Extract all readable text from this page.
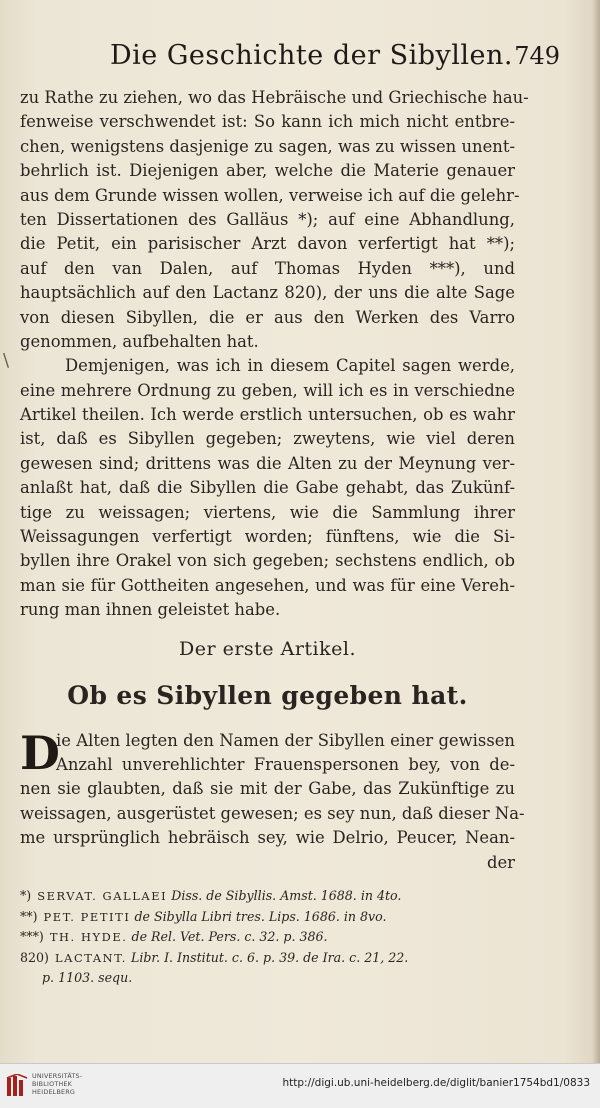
Die Geschichte der Sibyllen. 749
\
zu Rathe zu ziehen, wo das Hebräische und Griechische hau-
fenweise verschwendet ist: So kann ich mich nicht entbre-
chen, wenigstens dasjenige zu sagen, was zu wissen unent-
behrlich ist. Diejenigen aber, welche die Materie genauer
aus dem Grunde wissen wollen, verweise ich auf die gelehr-
ten Dissertationen des Galläus *); auf eine Abhandlung,
die Petit, ein parisischer Arzt davon verfertigt hat **);
auf den van Dalen, auf Thomas Hyden ***), und
hauptsächlich auf den Lactanz 820), der uns die alte Sage
von diesen Sibyllen, die er aus den Werken des Varro
genommen, aufbehalten hat.
Demjenigen, was ich in diesem Capitel sagen werde,
eine mehrere Ordnung zu geben, will ich es in verschiedne
Artikel theilen. Ich werde erstlich untersuchen, ob es wahr
ist, daß es Sibyllen gegeben; zweytens, wie viel deren
gewesen sind; drittens was die Alten zu der Meynung ver-
anlaßt hat, daß die Sibyllen die Gabe gehabt, das Zukünf-
tige zu weissagen; viertens, wie die Sammlung ihrer
Weissagungen verfertigt worden; fünftens, wie die Si-
byllen ihre Orakel von sich gegeben; sechstens endlich, ob
man sie für Gottheiten angesehen, und was für eine Vereh-
rung man ihnen geleistet habe.
Der erste Artikel.
Ob es Sibyllen gegeben hat.
D
ie Alten legten den Namen der Sibyllen einer gewissen
Anzahl unverehlichter Frauenspersonen bey, von de-
nen sie glaubten, daß sie mit der Gabe, das Zukünftige zu
weissagen, ausgerüstet gewesen; es sey nun, daß dieser Na-
me ursprünglich hebräisch sey, wie Delrio, Peucer, Nean-
der
*) SERVAT. GALLAEI Diss. de Sibyllis. Amst. 1688. in 4to.
**) PET. PETITI de Sibylla Libri tres. Lips. 1686. in 8vo.
***) TH. HYDE. de Rel. Vet. Pers. c. 32. p. 386.
820) LACTANT. Libr. I. Institut. c. 6. p. 39. de Ira. c. 21, 22.
p. 1103. sequ.
UNIVERSITÄTS-
BIBLIOTHEK
HEIDELBERG
http://digi.ub.uni-heidelberg.de/diglit/banier1754bd1/0833
